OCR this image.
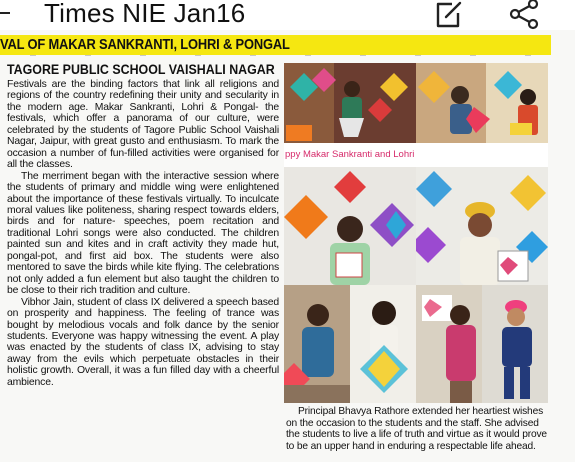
Times NIE Jan16
VAL OF MAKAR SANKRANTI, LOHRI & PONGAL
TAGORE PUBLIC SCHOOL VAISHALI NAGAR

Festivals are the binding factors that link all religions and regions of the country redefining their unity and secularity in the modern age. Makar Sankranti, Lohri & Pongal- the festivals, which offer a panorama of our culture, were celebrated by the students of Tagore Public School Vaishali Nagar, Jaipur, with great gusto and enthusiasm. To mark the occasion a number of fun-filled activities were organised for all the classes.

The merriment began with the interactive session where the students of primary and middle wing were enlightened about the importance of these festivals virtually. To inculcate moral values like politeness, sharing respect towards elders, birds and for nature- speeches, poem recitation and traditional Lohri songs were also conducted. The children painted sun and kites and in craft activity they made hut, pongal-pot, and first aid box. The students were also mentored to save the birds while kite flying. The celebrations not only added a fun element but also taught the children to be close to their rich tradition and culture.

Vibhor Jain, student of class IX delivered a speech based on prosperity and happiness. The feeling of trance was bought by melodious vocals and folk dance by the senior students. Everyone was happy witnessing the event. A play was enacted by the students of class IX, advising to stay away from the evils which perpetuate obstacles in their holistic growth. Overall, it was a fun filled day with a cheerful ambience.

ppy Makar Sankranti and Lohri
Principal Bhavya Rathore extended her heartiest wishes on the occasion to the students and the staff. She advised the students to live a life of truth and virtue as it would prove to be an upper hand in enduring a respectable life ahead.
